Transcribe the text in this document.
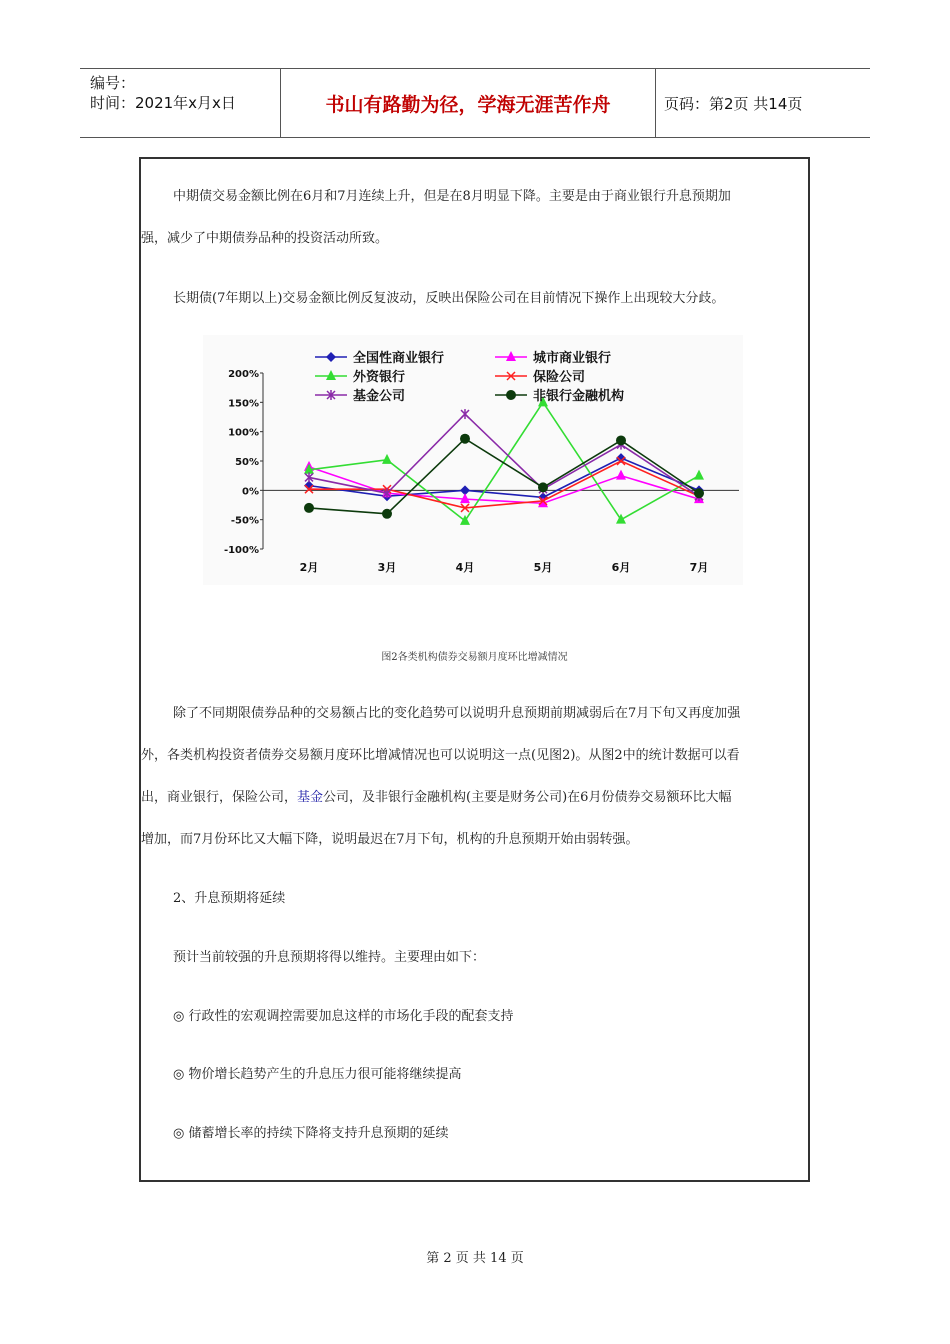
编号：
时间：2021年x月x日	书山有路勤为径，学海无涯苦作舟	页码：第2页 共14页
中期债交易金额比例在6月和7月连续上升，但是在8月明显下降。主要是由于商业银行升息预期加
强，减少了中期债券品种的投资活动所致。
长期债(7年期以上)交易金额比例反复波动，反映出保险公司在目前情况下操作上出现较大分歧。
200%
150%
100%
50%
0%
-50%
-100%
2月	3月	4月	5月	6月	7月
全国性商业银行	城市商业银行
外资银行	保险公司
基金公司	非银行金融机构
图2各类机构债券交易额月度环比增减情况
除了不同期限债券品种的交易额占比的变化趋势可以说明升息预期前期减弱后在7月下旬又再度加强
外，各类机构投资者债券交易额月度环比增减情况也可以说明这一点(见图2)。从图2中的统计数据可以看
出，商业银行，保险公司，基金公司，及非银行金融机构(主要是财务公司)在6月份债券交易额环比大幅
增加，而7月份环比又大幅下降，说明最迟在7月下旬，机构的升息预期开始由弱转强。
2、升息预期将延续
预计当前较强的升息预期将得以维持。主要理由如下：
◎ 行政性的宏观调控需要加息这样的市场化手段的配套支持
◎ 物价增长趋势产生的升息压力很可能将继续提高
◎ 储蓄增长率的持续下降将支持升息预期的延续
第 2 页 共 14 页
